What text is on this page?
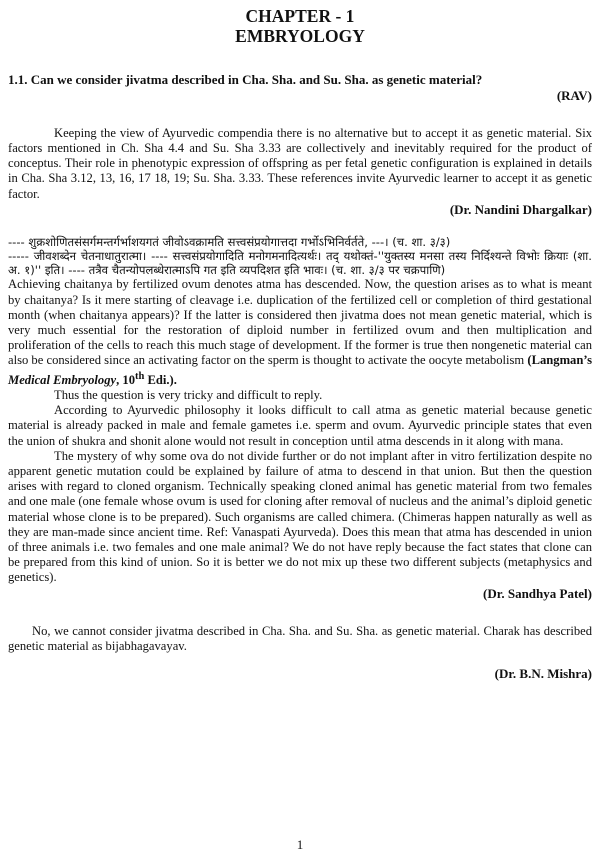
CHAPTER - 1
EMBRYOLOGY
1.1. Can we consider jivatma described in Cha. Sha. and Su. Sha. as genetic material?
(RAV)

Keeping the view of Ayurvedic compendia there is no alternative but to accept it as genetic material. Six factors mentioned in Ch. Sha 4.4 and Su. Sha 3.33 are collectively and inevitably required for the product of conceptus. Their role in phenotypic expression of offspring as per fetal genetic configuration is explained in details in Cha. Sha 3.12, 13, 16, 17 18, 19; Su. Sha. 3.33. These references invite Ayurvedic learner to accept it as genetic factor.

(Dr. Nandini Dhargalkar)

---- शुक्रशोणितसंसर्गमन्तर्गर्भाशयगतं जीवोऽवक्रामति सत्त्वसंप्रयोगात्तदा गर्भोऽभिनिर्वर्तते, ---। (च. शा. ३/३)

----- जीवशब्देन चेतनाधातुरात्मा। ---- सत्त्वसंप्रयोगादिति मनोगमनादित्यर्थः। तद् यथोक्तं-''युक्तस्य मनसा तस्य निर्दिश्यन्ते विभोः क्रियाः (शा. अ. १)'' इति। ---- तत्रैव चैतन्योपलब्धेरात्माऽपि गत इति व्यपदिशत इति भावः। (च. शा. ३/३ पर चक्रपाणि)

Achieving chaitanya by fertilized ovum denotes atma has descended. Now, the question arises as to what is meant by chaitanya? Is it mere starting of cleavage i.e. duplication of the fertilized cell or completion of third gestational month (when chaitanya appears)? If the latter is considered then jivatma does not mean genetic material, which is very much essential for the restoration of diploid number in fertilized ovum and then multiplication and proliferation of the cells to reach this much stage of development. If the former is true then nongenetic material can also be considered since an activating factor on the sperm is thought to activate the oocyte metabolism (Langman’s Medical Embryology, 10th Edi.).

Thus the question is very tricky and difficult to reply.

According to Ayurvedic philosophy it looks difficult to call atma as genetic material because genetic material is already packed in male and female gametes i.e. sperm and ovum. Ayurvedic principle states that even the union of shukra and shonit alone would not result in conception until atma descends in it along with mana.

The mystery of why some ova do not divide further or do not implant after in vitro fertilization despite no apparent genetic mutation could be explained by failure of atma to descend in that union. But then the question arises with regard to cloned organism. Technically speaking cloned animal has genetic material from two females and one male (one female whose ovum is used for cloning after removal of nucleus and the animal’s diploid genetic material whose clone is to be prepared). Such organisms are called chimera. (Chimeras happen naturally as well as they are man-made since ancient time. Ref: Vanaspati Ayurveda). Does this mean that atma has descended in union of three animals i.e. two females and one male animal? We do not have reply because the fact states that clone can be prepared from this kind of union. So it is better we do not mix up these two different subjects (metaphysics and genetics).

(Dr. Sandhya Patel)

No, we cannot consider jivatma described in Cha. Sha. and Su. Sha. as genetic material. Charak has described genetic material as bijabhagavayav.

(Dr. B.N. Mishra)
1
